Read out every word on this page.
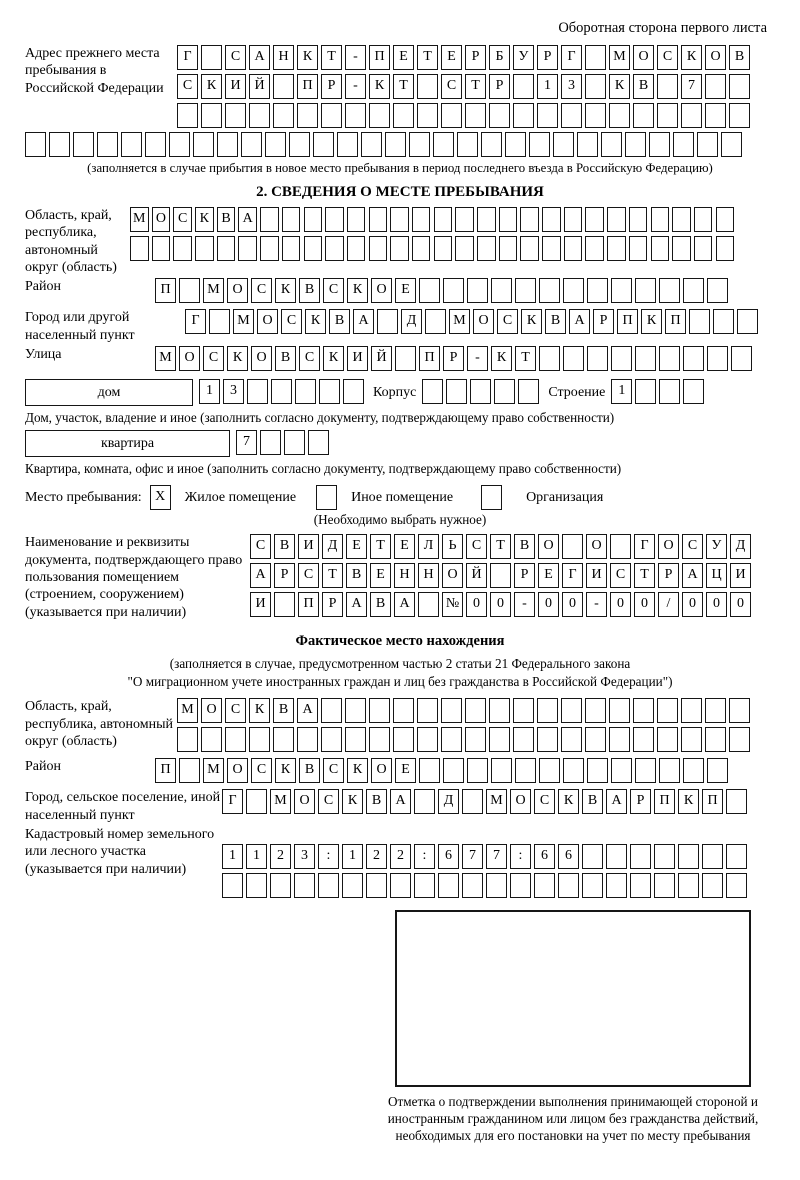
Оборотная сторона первого листа
Адрес прежнего места пребывания в Российской Федерации
Г	С А Н К Т - П Е Т Е Р Б У Р Г	М О С К О В
С К И Й	П Р - К Т	С Т Р	1 3	К В	7
(заполняется в случае прибытия в новое место пребывания в период последнего въезда в Российскую Федерацию)
2. СВЕДЕНИЯ О МЕСТЕ ПРЕБЫВАНИЯ
Область, край, республика, автономный округ (область)
М О С К В А
Район	П	М О С К В С К О Е
Город или другой населенный пункт
Г	М О С К В А	Д	М О С К В А Р П К П
Улица	М О С К О В С К И Й	П Р - К Т
дом	1 3	Корпус	Строение 1
Дом, участок, владение и иное (заполнить согласно документу, подтверждающему право собственности)
квартира	7
Квартира, комната, офис и иное (заполнить согласно документу, подтверждающему право собственности)
Место пребывания: X	Жилое помещение	Иное помещение	Организация
(Необходимо выбрать нужное)
Наименование и реквизиты документа, подтверждающего право пользования помещением (строением, сооружением) (указывается при наличии)
С В И Д Е Т Е Л Ь С Т В О	О	Г О С У Д
А Р С Т В Е Н Н О Й	Р Е Г И С Т Р А Ц И
И	П Р А В А	№ 0 0 - 0 0 - 0 0 / 0 0 0
Фактическое место нахождения
(заполняется в случае, предусмотренном частью 2 статьи 21 Федерального закона
"О миграционном учете иностранных граждан и лиц без гражданства в Российской Федерации")
Область, край, республика, автономный округ (область)
М О С К В А
Район	П	М О С К В С К О Е
Город, сельское поселение, иной населенный пункт
Г	М О С К В А	Д	М О С К В А Р П К П
Кадастровый номер земельного или лесного участка (указывается при наличии)
1 1 2 3 : 1 2 2 : 6 7 7 : 6 6
Отметка о подтверждении выполнения принимающей стороной и иностранным гражданином или лицом без гражданства действий, необходимых для его постановки на учет по месту пребывания
